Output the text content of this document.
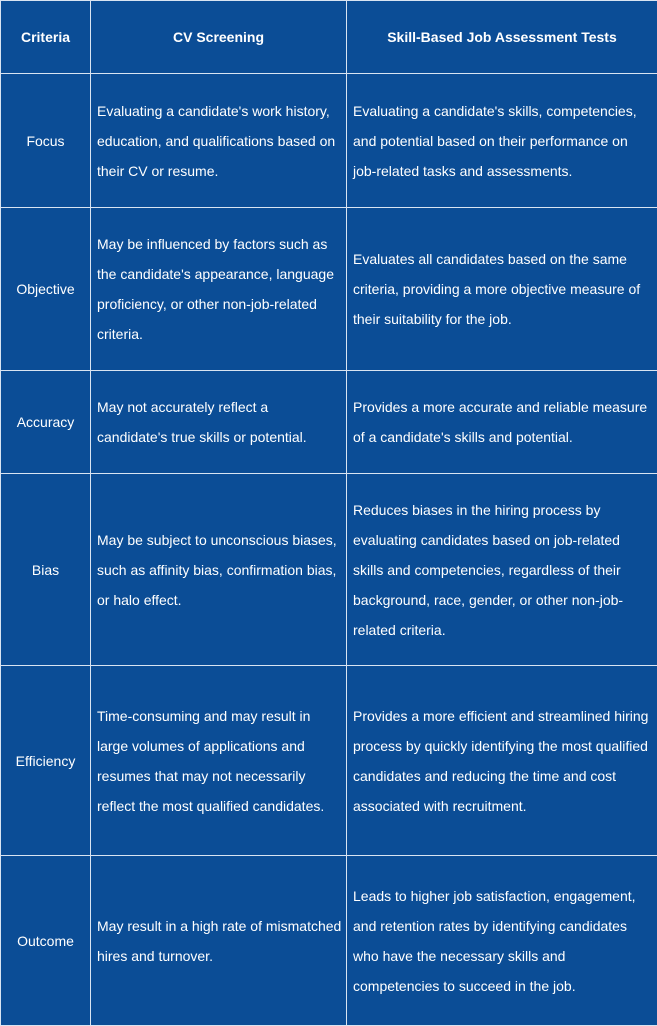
Criteria	CV Screening	Skill-Based Job Assessment Tests
Focus	Evaluating a candidate's work history, education, and qualifications based on their CV or resume.	Evaluating a candidate's skills, competencies, and potential based on their performance on job-related tasks and assessments.
Objective	May be influenced by factors such as the candidate's appearance, language proficiency, or other non-job-related criteria.	Evaluates all candidates based on the same criteria, providing a more objective measure of their suitability for the job.
Accuracy	May not accurately reflect a candidate's true skills or potential.	Provides a more accurate and reliable measure of a candidate's skills and potential.
Bias	May be subject to unconscious biases, such as affinity bias, confirmation bias, or halo effect.	Reduces biases in the hiring process by evaluating candidates based on job-related skills and competencies, regardless of their background, race, gender, or other non-job-related criteria.
Efficiency	Time-consuming and may result in large volumes of applications and resumes that may not necessarily reflect the most qualified candidates.	Provides a more efficient and streamlined hiring process by quickly identifying the most qualified candidates and reducing the time and cost associated with recruitment.
Outcome	May result in a high rate of mismatched hires and turnover.	Leads to higher job satisfaction, engagement, and retention rates by identifying candidates who have the necessary skills and competencies to succeed in the job.
